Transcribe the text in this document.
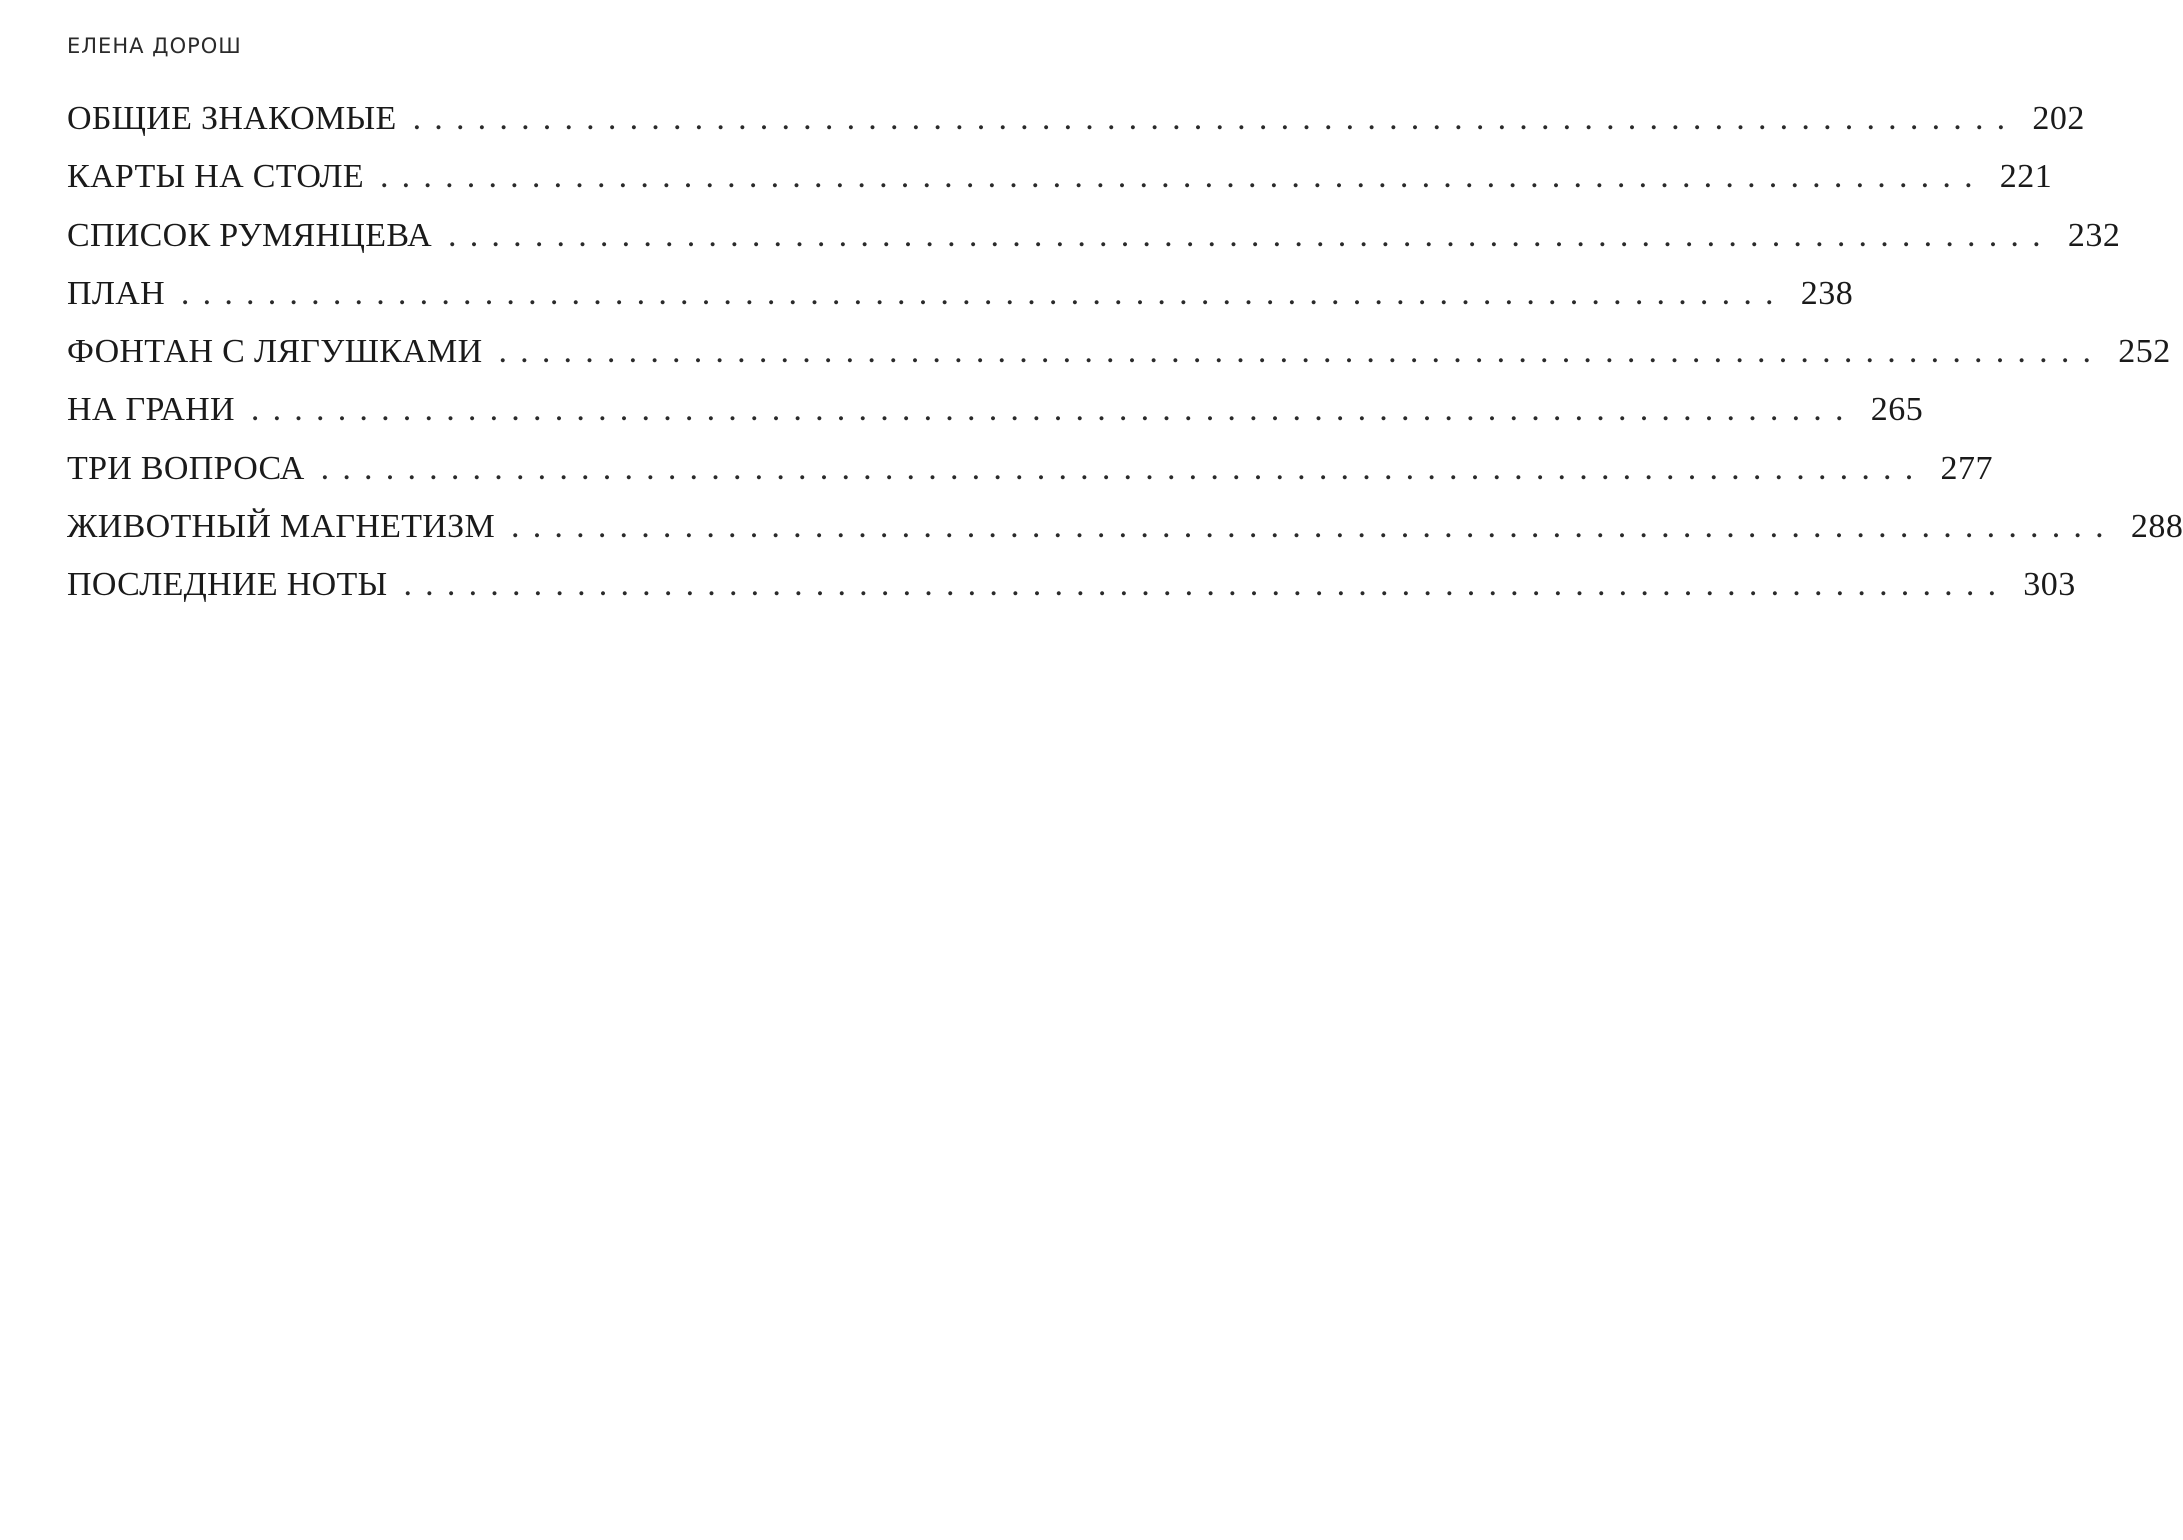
ЕЛЕНА ДОРОШ
ОБЩИЕ ЗНАКОМЫЕ .......................................................................... 202
КАРТЫ НА СТОЛЕ .......................................................................... 221
СПИСОК РУМЯНЦЕВА .......................................................................... 232
ПЛАН .......................................................................... 238
ФОНТАН С ЛЯГУШКАМИ .......................................................................... 252
НА ГРАНИ .......................................................................... 265
ТРИ ВОПРОСА .......................................................................... 277
ЖИВОТНЫЙ МАГНЕТИЗМ .......................................................................... 288
ПОСЛЕДНИЕ НОТЫ .......................................................................... 303
